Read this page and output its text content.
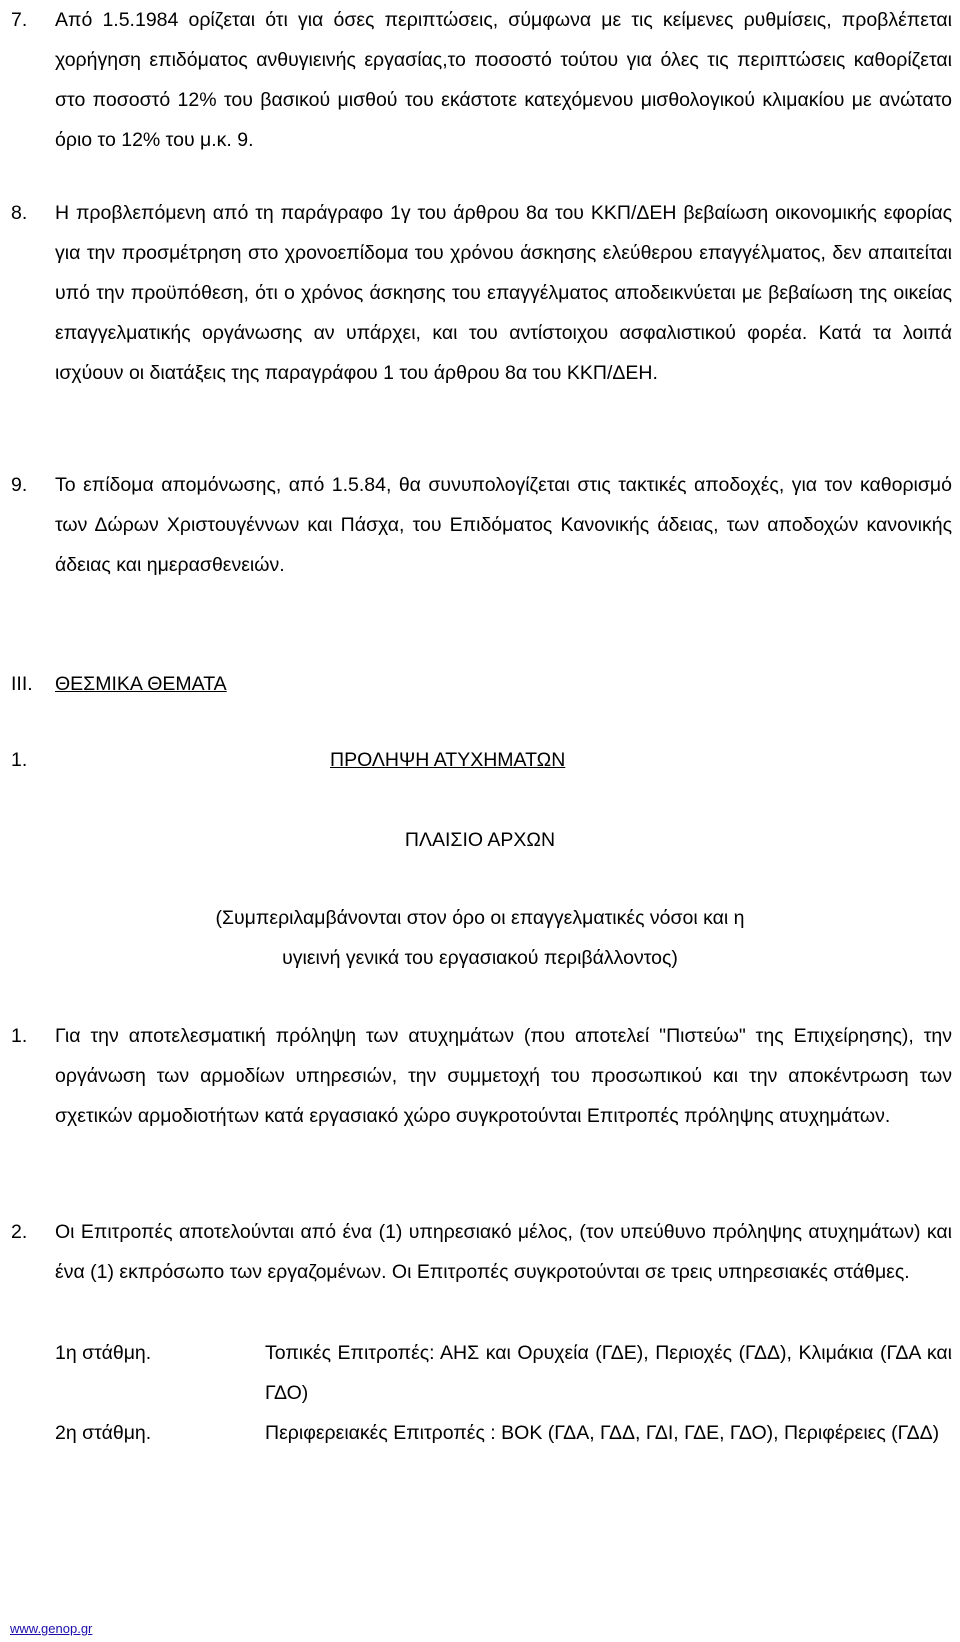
7. Από 1.5.1984 ορίζεται ότι για όσες περιπτώσεις, σύμφωνα με τις κείμενες ρυθμίσεις, προβλέπεται χορήγηση επιδόματος ανθυγιεινής εργασίας,το ποσοστό τούτου για όλες τις περιπτώσεις καθορίζεται στο ποσοστό 12% του βασικού μισθού του εκάστοτε κατεχόμενου μισθολογικού κλιμακίου με ανώτατο όριο το 12% του μ.κ. 9.
8. Η προβλεπόμενη από τη παράγραφο 1γ του άρθρου 8α του ΚΚΠ/ΔΕΗ βεβαίωση οικονομικής εφορίας για την προσμέτρηση στο χρονοεπίδομα του χρόνου άσκησης ελεύθερου επαγγέλματος, δεν απαιτείται υπό την προϋπόθεση, ότι ο χρόνος άσκησης του επαγγέλματος αποδεικνύεται με βεβαίωση της οικείας επαγγελματικής οργάνωσης αν υπάρχει, και του αντίστοιχου ασφαλιστικού φορέα. Κατά τα λοιπά ισχύουν οι διατάξεις της παραγράφου 1 του άρθρου 8α του ΚΚΠ/ΔΕΗ.
9. Το επίδομα απομόνωσης, από 1.5.84, θα συνυπολογίζεται στις τακτικές αποδοχές, για τον καθορισμό των Δώρων Χριστουγέννων και Πάσχα, του Επιδόματος Κανονικής άδειας, των αποδοχών κανονικής άδειας και ημερασθενειών.
III. ΘΕΣΜΙΚΑ ΘΕΜΑΤΑ
1.	ΠΡΟΛΗΨΗ ΑΤΥΧΗΜΑΤΩΝ
ΠΛΑΙΣΙΟ ΑΡΧΩΝ
(Συμπεριλαμβάνονται στον όρο οι επαγγελματικές νόσοι και η
υγιεινή γενικά του εργασιακού περιβάλλοντος)
1. Για την αποτελεσματική πρόληψη των ατυχημάτων (που αποτελεί "Πιστεύω" της Επιχείρησης), την οργάνωση των αρμοδίων υπηρεσιών, την συμμετοχή του προσωπικού και την αποκέντρωση των σχετικών αρμοδιοτήτων κατά εργασιακό χώρο συγκροτούνται Επιτροπές πρόληψης ατυχημάτων.
2. Οι Επιτροπές αποτελούνται από ένα (1) υπηρεσιακό μέλος, (τον υπεύθυνο πρόληψης ατυχημάτων) και ένα (1) εκπρόσωπο των εργαζομένων. Οι Επιτροπές συγκροτούνται σε τρεις υπηρεσιακές στάθμες.
1η στάθμη.	Τοπικές Επιτροπές: ΑΗΣ και Ορυχεία (ΓΔΕ), Περιοχές (ΓΔΔ), Κλιμάκια (ΓΔΑ και ΓΔΟ)
2η στάθμη.	Περιφερειακές Επιτροπές : ΒΟΚ (ΓΔΑ, ΓΔΔ, ΓΔΙ, ΓΔΕ, ΓΔΟ), Περιφέρειες (ΓΔΔ)
www.genop.gr
